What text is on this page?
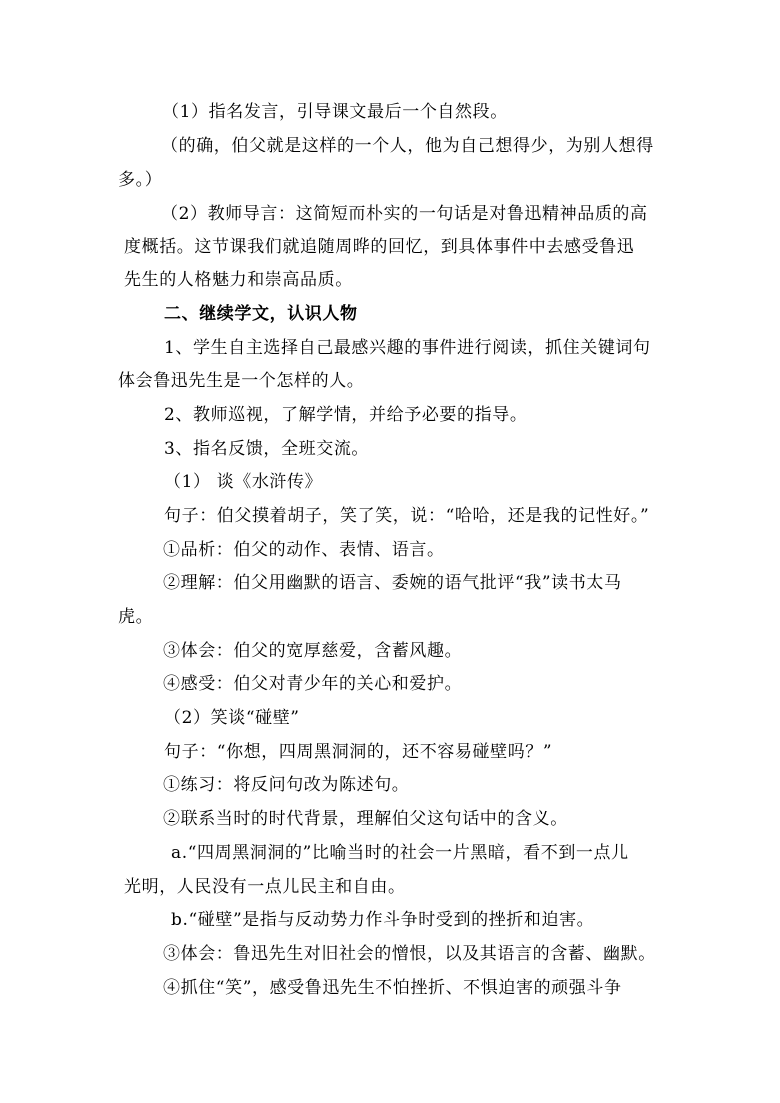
（1）指名发言，引导课文最后一个自然段。
（的确，伯父就是这样的一个人，他为自己想得少，为别人想得
多。）
（2）教师导言：这简短而朴实的一句话是对鲁迅精神品质的高
度概括。这节课我们就追随周晔的回忆，到具体事件中去感受鲁迅
先生的人格魅力和崇高品质。
二、继续学文，认识人物
1、学生自主选择自己最感兴趣的事件进行阅读，抓住关键词句
体会鲁迅先生是一个怎样的人。
2、教师巡视，了解学情，并给予必要的指导。
3、指名反馈，全班交流。
（1） 谈《水浒传》
句子：伯父摸着胡子，笑了笑，说：“哈哈，还是我的记性好。”
①品析：伯父的动作、表情、语言。
②理解：伯父用幽默的语言、委婉的语气批评“我”读书太马
虎。
③体会：伯父的宽厚慈爱，含蓄风趣。
④感受：伯父对青少年的关心和爱护。
（2）笑谈“碰壁”
句子：“你想，四周黑洞洞的，还不容易碰壁吗？”
①练习：将反问句改为陈述句。
②联系当时的时代背景，理解伯父这句话中的含义。
a.“四周黑洞洞的”比喻当时的社会一片黑暗，看不到一点儿
光明，人民没有一点儿民主和自由。
b.“碰壁”是指与反动势力作斗争时受到的挫折和迫害。
③体会：鲁迅先生对旧社会的憎恨，以及其语言的含蓄、幽默。
④抓住“笑”，感受鲁迅先生不怕挫折、不惧迫害的顽强斗争
